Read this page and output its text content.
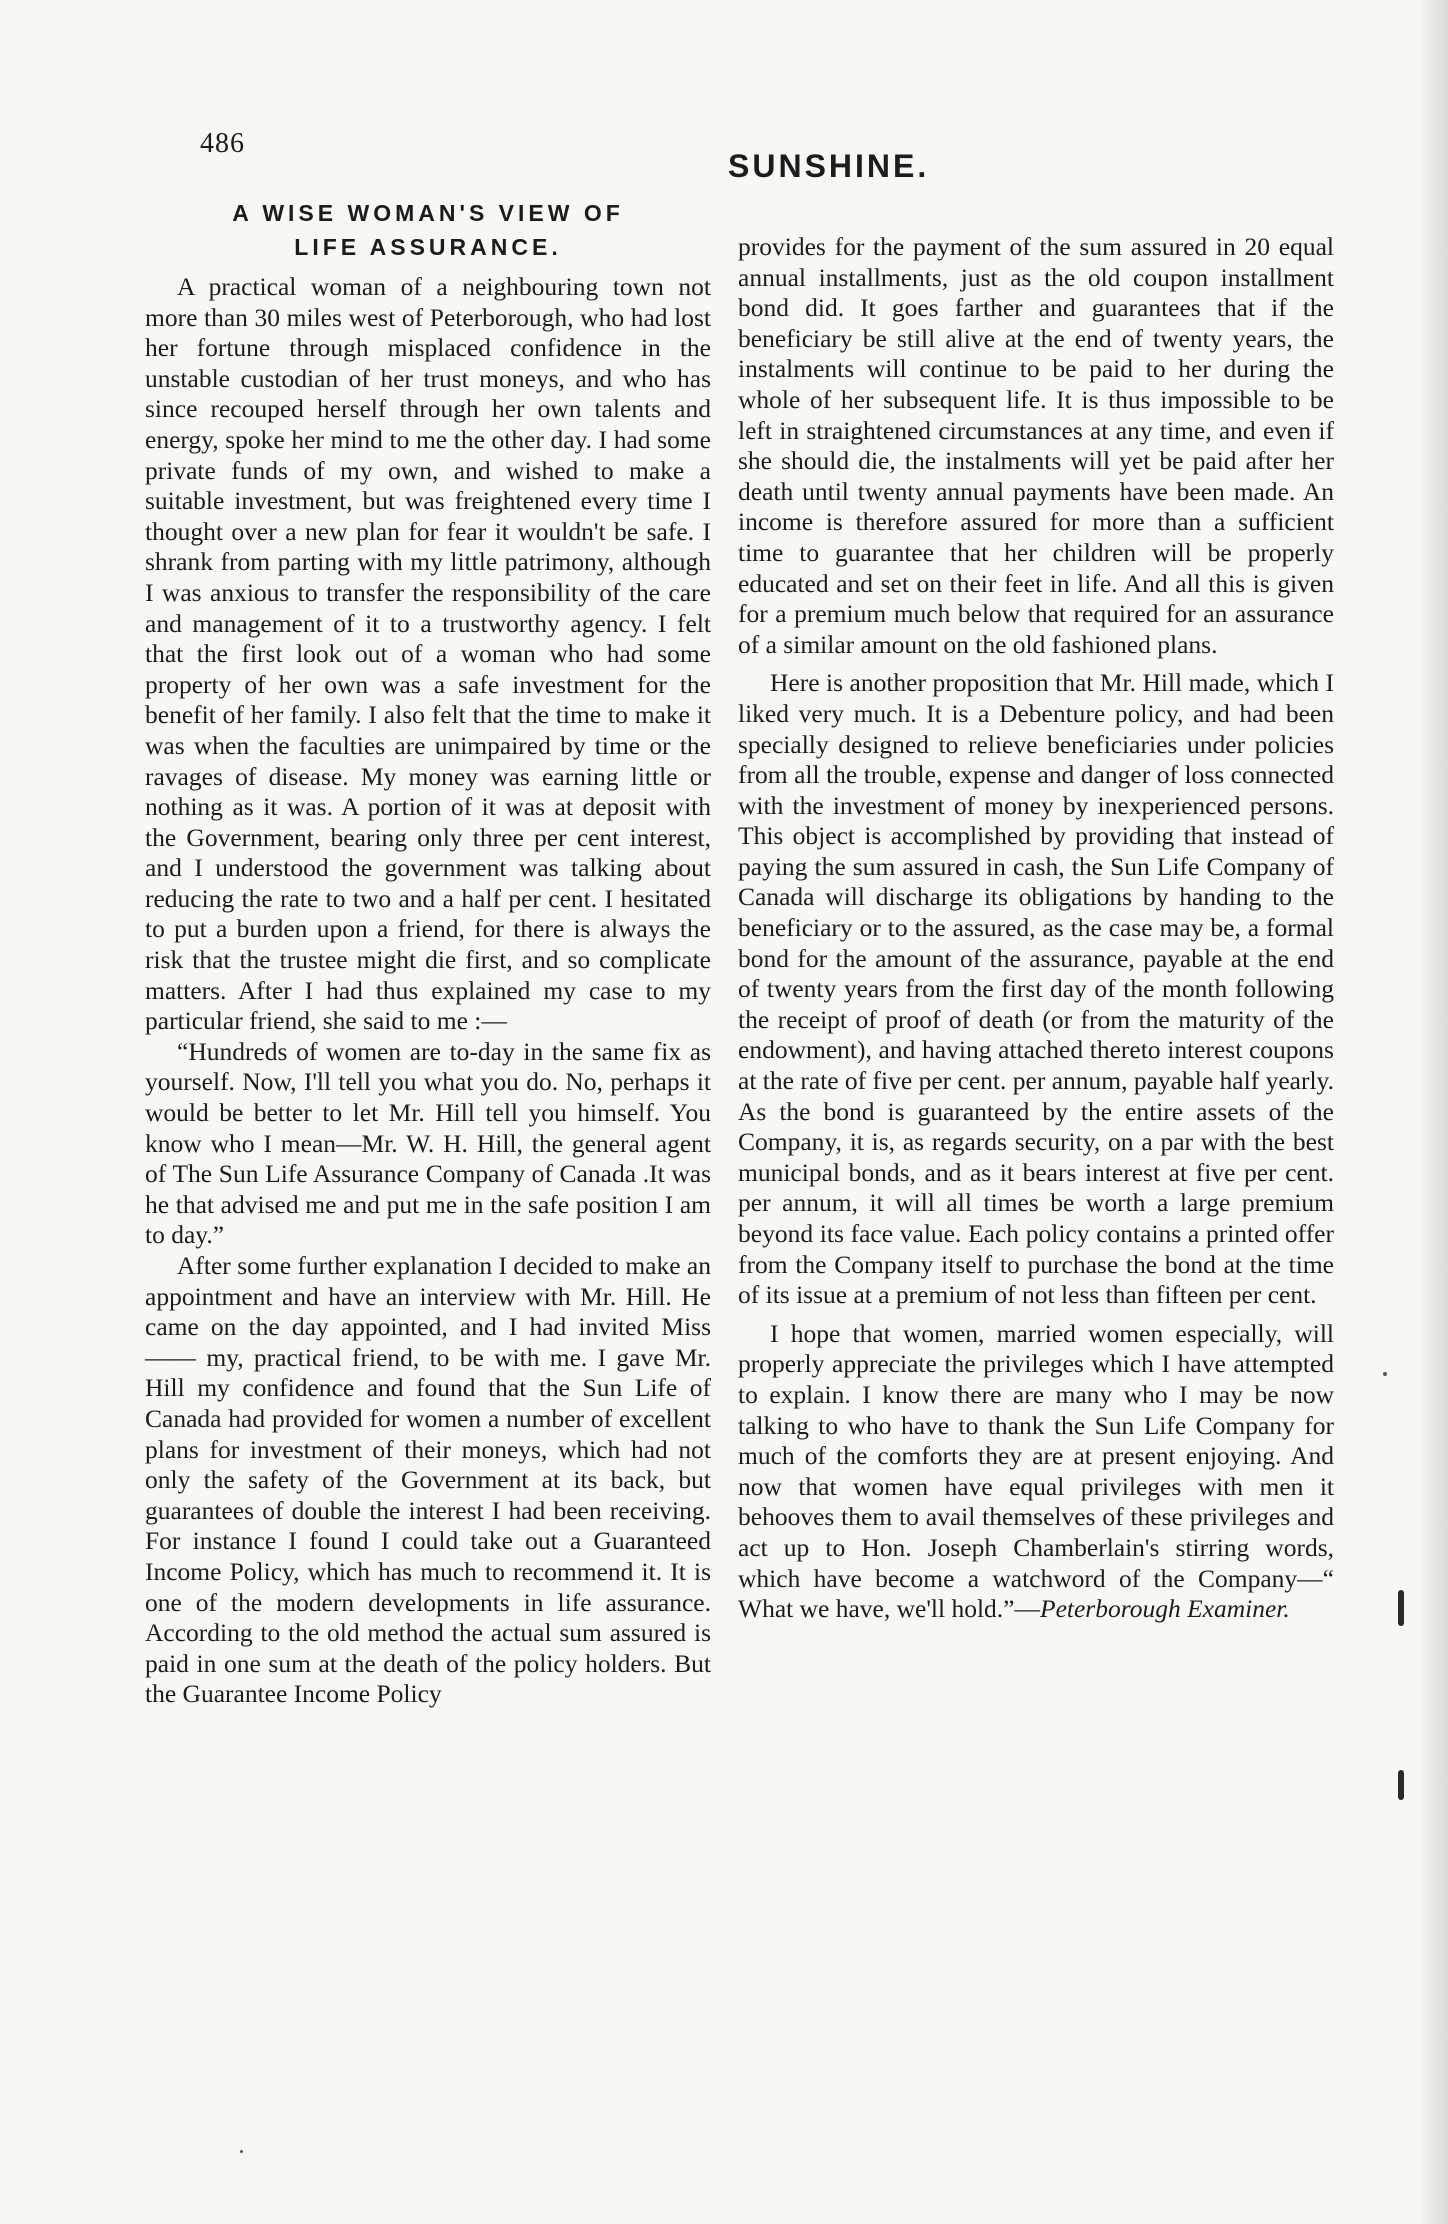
486
SUNSHINE.
A WISE WOMAN'S VIEW OF
LIFE ASSURANCE.

A practical woman of a neighbouring town not more than 30 miles west of Peterborough, who had lost her fortune through misplaced confidence in the unstable custodian of her trust moneys, and who has since recouped herself through her own talents and energy, spoke her mind to me the other day. I had some private funds of my own, and wished to make a suitable investment, but was freightened every time I thought over a new plan for fear it wouldn't be safe. I shrank from parting with my little patrimony, although I was anxious to transfer the responsibility of the care and management of it to a trustworthy agency. I felt that the first look out of a woman who had some property of her own was a safe investment for the benefit of her family. I also felt that the time to make it was when the faculties are unimpaired by time or the ravages of disease. My money was earning little or nothing as it was. A portion of it was at deposit with the Government, bearing only three per cent interest, and I understood the government was talking about reducing the rate to two and a half per cent. I hesitated to put a burden upon a friend, for there is always the risk that the trustee might die first, and so complicate matters. After I had thus explained my case to my particular friend, she said to me :—

“Hundreds of women are to-day in the same fix as yourself. Now, I'll tell you what you do. No, perhaps it would be better to let Mr. Hill tell you himself. You know who I mean—Mr. W. H. Hill, the general agent of The Sun Life Assurance Company of Canada .It was he that advised me and put me in the safe position I am to day.”

After some further explanation I decided to make an appointment and have an interview with Mr. Hill. He came on the day appointed, and I had invited Miss —— my, practical friend, to be with me. I gave Mr. Hill my confidence and found that the Sun Life of Canada had provided for women a number of excellent plans for investment of their moneys, which had not only the safety of the Government at its back, but guarantees of double the interest I had been receiving. For instance I found I could take out a Guaranteed Income Policy, which has much to recommend it. It is one of the modern developments in life assurance. According to the old method the actual sum assured is paid in one sum at the death of the policy holders. But the Guarantee Income Policy

provides for the payment of the sum assured in 20 equal annual installments, just as the old coupon installment bond did. It goes farther and guarantees that if the beneficiary be still alive at the end of twenty years, the instalments will continue to be paid to her during the whole of her subsequent life. It is thus impossible to be left in straightened circumstances at any time, and even if she should die, the instalments will yet be paid after her death until twenty annual payments have been made. An income is therefore assured for more than a sufficient time to guarantee that her children will be properly educated and set on their feet in life. And all this is given for a premium much below that required for an assurance of a similar amount on the old fashioned plans.

Here is another proposition that Mr. Hill made, which I liked very much. It is a Debenture policy, and had been specially designed to relieve beneficiaries under policies from all the trouble, expense and danger of loss connected with the investment of money by inexperienced persons. This object is accomplished by providing that instead of paying the sum assured in cash, the Sun Life Company of Canada will discharge its obligations by handing to the beneficiary or to the assured, as the case may be, a formal bond for the amount of the assurance, payable at the end of twenty years from the first day of the month following the receipt of proof of death (or from the maturity of the endowment), and having attached thereto interest coupons at the rate of five per cent. per annum, payable half yearly. As the bond is guaranteed by the entire assets of the Company, it is, as regards security, on a par with the best municipal bonds, and as it bears interest at five per cent. per annum, it will all times be worth a large premium beyond its face value. Each policy contains a printed offer from the Company itself to purchase the bond at the time of its issue at a premium of not less than fifteen per cent.

I hope that women, married women especially, will properly appreciate the privileges which I have attempted to explain. I know there are many who I may be now talking to who have to thank the Sun Life Company for much of the comforts they are at present enjoying. And now that women have equal privileges with men it behooves them to avail themselves of these privileges and act up to Hon. Joseph Chamberlain's stirring words, which have become a watchword of the Company—“ What we have, we'll hold.”—Peterborough Examiner.
